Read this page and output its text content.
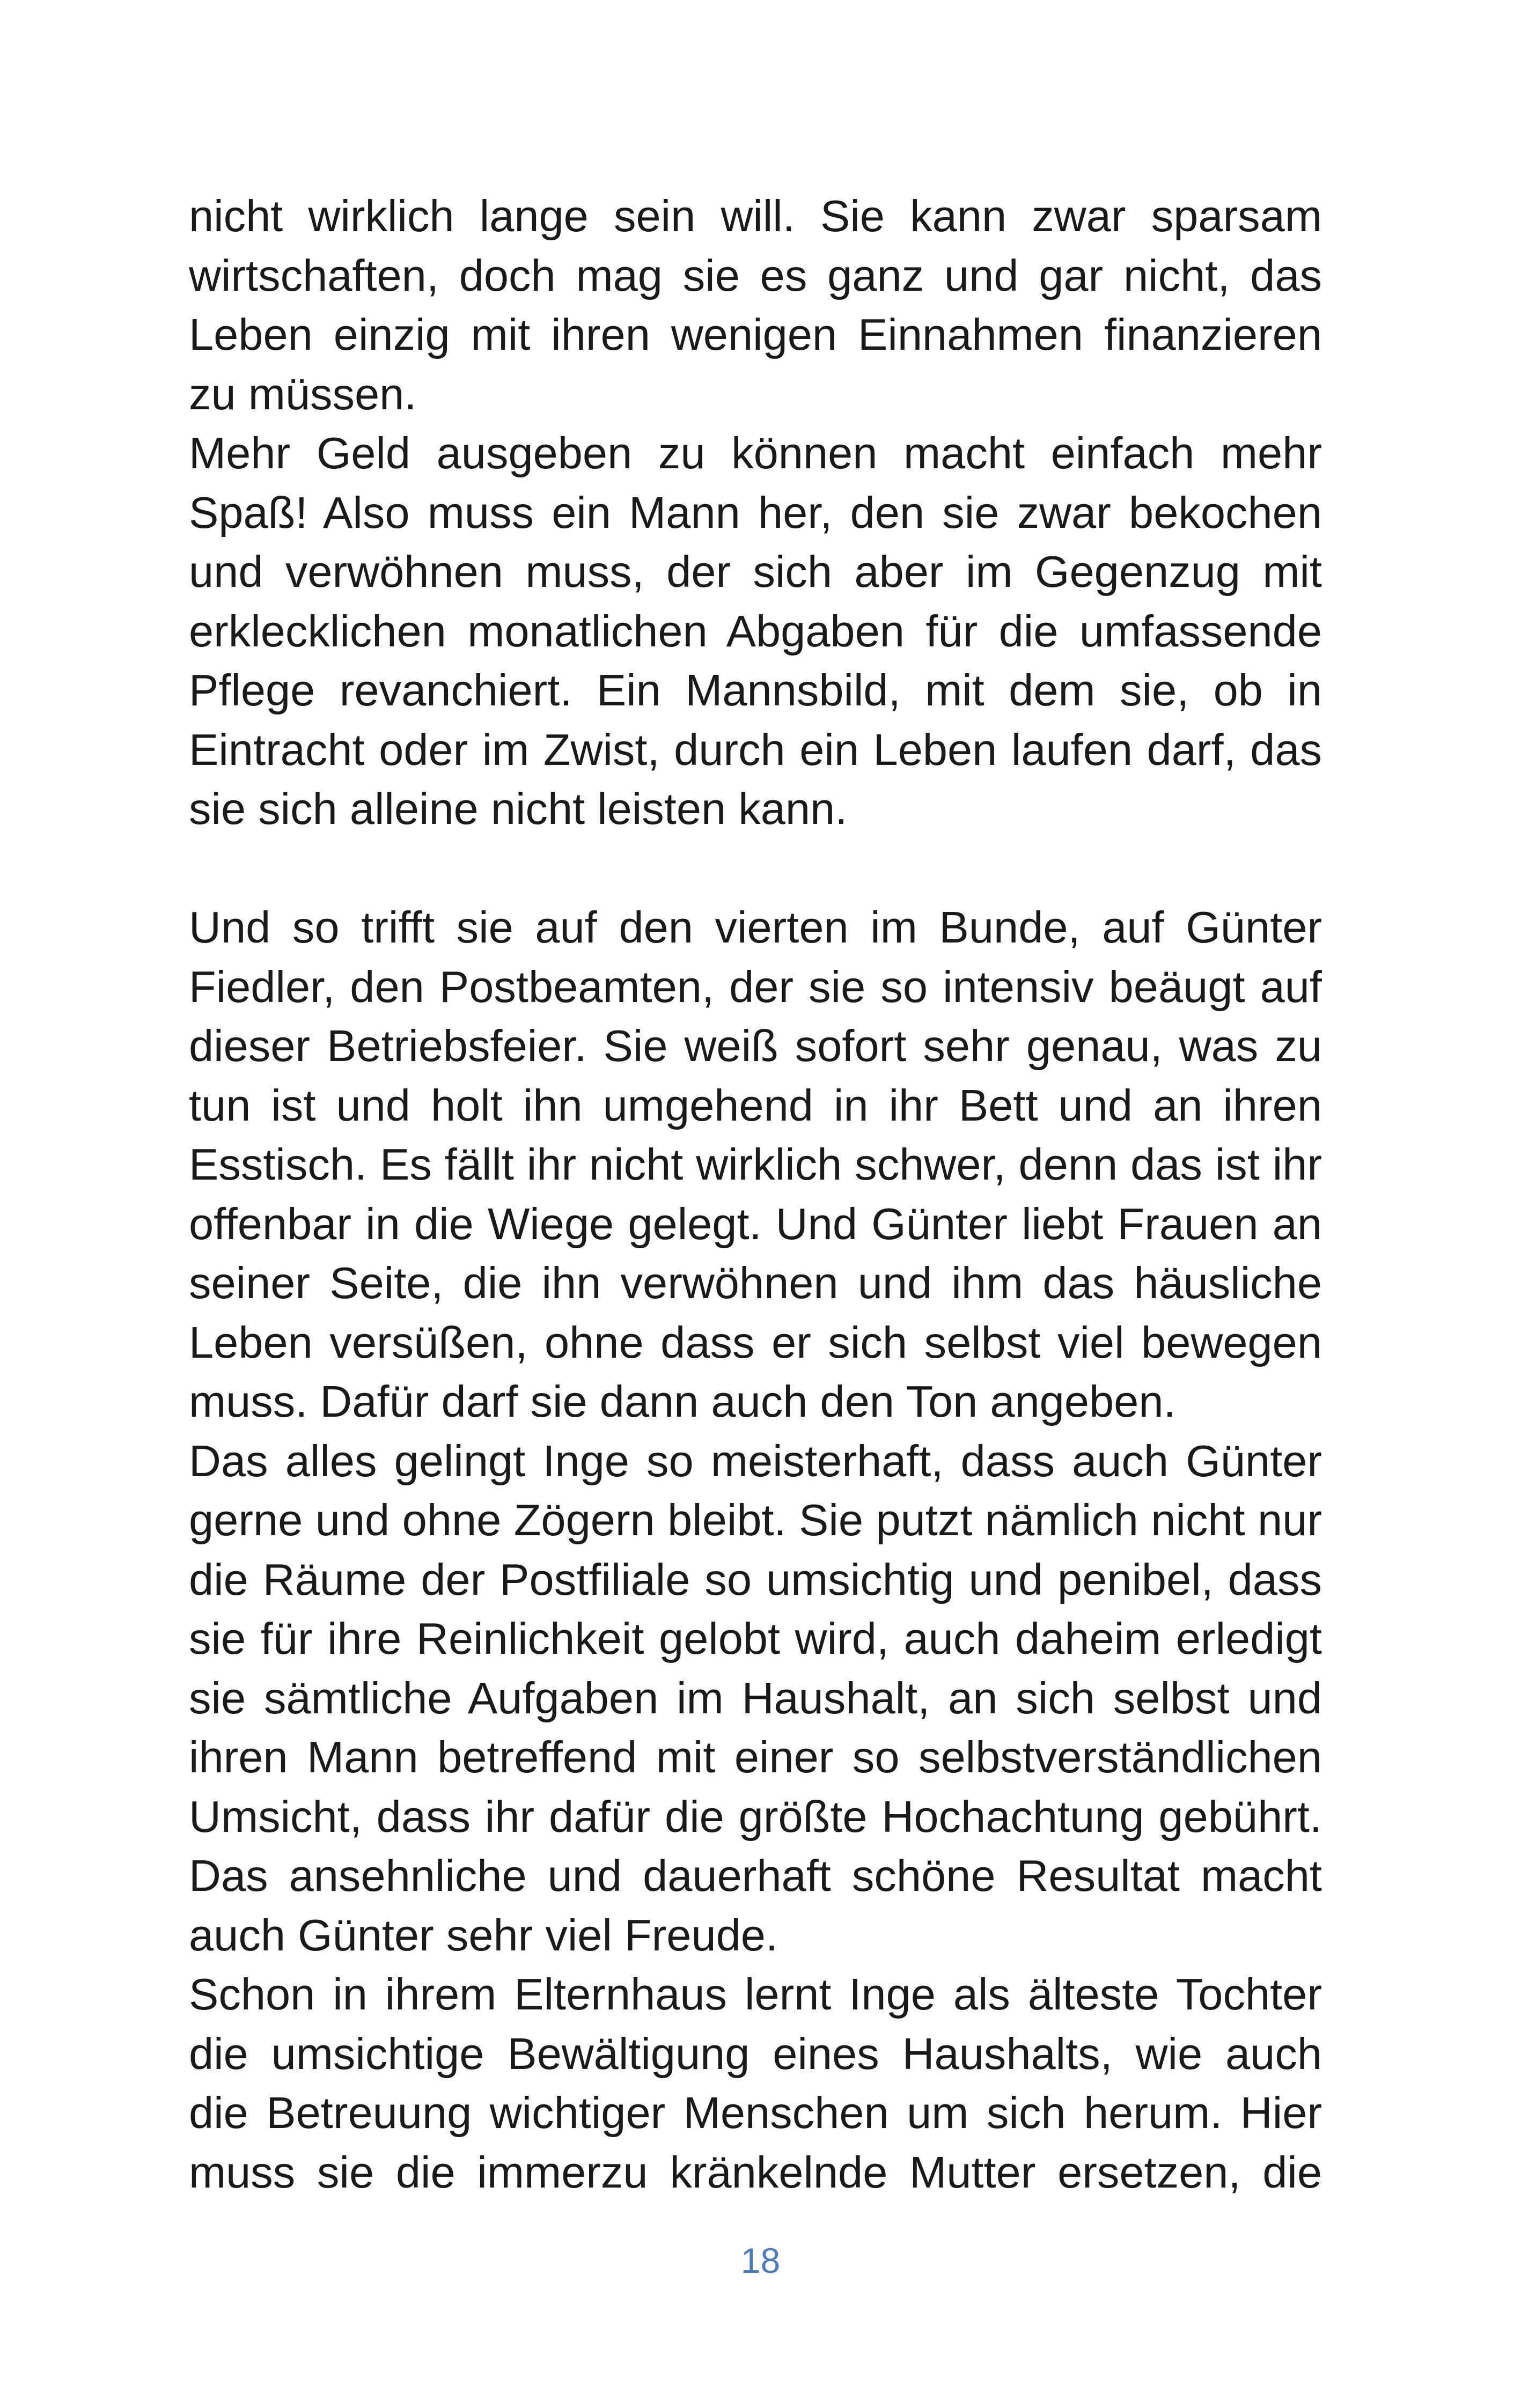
nicht wirklich lange sein will. Sie kann zwar sparsam
wirtschaften, doch mag sie es ganz und gar nicht, das
Leben einzig mit ihren wenigen Einnahmen finanzieren
zu müssen.
Mehr Geld ausgeben zu können macht einfach mehr
Spaß! Also muss ein Mann her, den sie zwar bekochen
und verwöhnen muss, der sich aber im Gegenzug mit
erklecklichen monatlichen Abgaben für die umfassende
Pflege revanchiert. Ein Mannsbild, mit dem sie, ob in
Eintracht oder im Zwist, durch ein Leben laufen darf, das
sie sich alleine nicht leisten kann.
Und so trifft sie auf den vierten im Bunde, auf Günter
Fiedler, den Postbeamten, der sie so intensiv beäugt auf
dieser Betriebsfeier. Sie weiß sofort sehr genau, was zu
tun ist und holt ihn umgehend in ihr Bett und an ihren
Esstisch. Es fällt ihr nicht wirklich schwer, denn das ist ihr
offenbar in die Wiege gelegt. Und Günter liebt Frauen an
seiner Seite, die ihn verwöhnen und ihm das häusliche
Leben versüßen, ohne dass er sich selbst viel bewegen
muss. Dafür darf sie dann auch den Ton angeben.
Das alles gelingt Inge so meisterhaft, dass auch Günter
gerne und ohne Zögern bleibt. Sie putzt nämlich nicht nur
die Räume der Postfiliale so umsichtig und penibel, dass
sie für ihre Reinlichkeit gelobt wird, auch daheim erledigt
sie sämtliche Aufgaben im Haushalt, an sich selbst und
ihren Mann betreffend mit einer so selbstverständlichen
Umsicht, dass ihr dafür die größte Hochachtung gebührt.
Das ansehnliche und dauerhaft schöne Resultat macht
auch Günter sehr viel Freude.
Schon in ihrem Elternhaus lernt Inge als älteste Tochter
die umsichtige Bewältigung eines Haushalts, wie auch
die Betreuung wichtiger Menschen um sich herum. Hier
muss sie die immerzu kränkelnde Mutter ersetzen, die
18
